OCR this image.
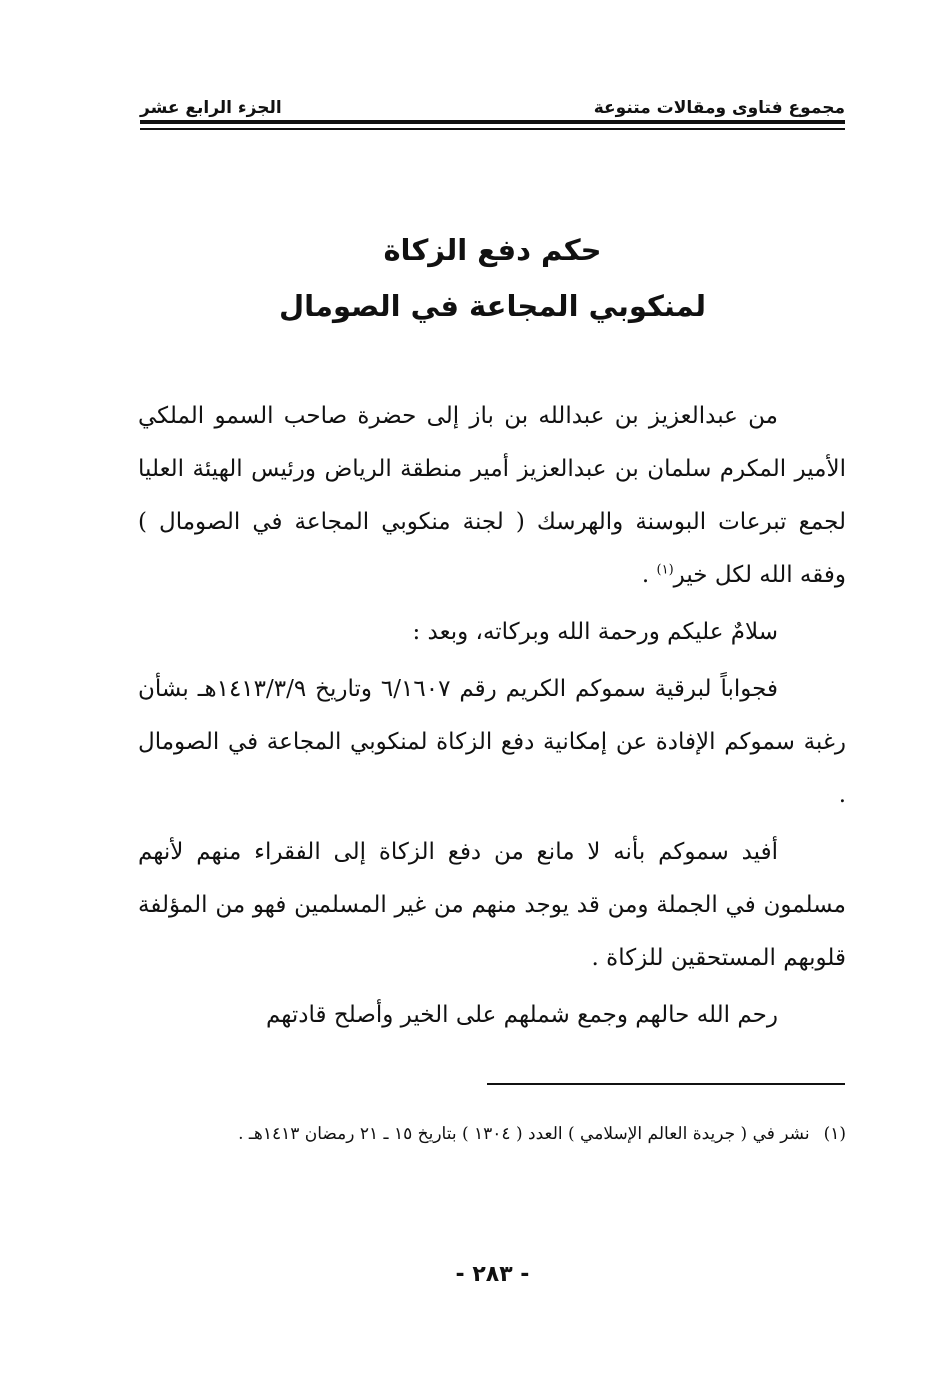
مجموع فتاوى ومقالات متنوعة
الجزء الرابع عشر
حكم دفع الزكاة
لمنكوبي المجاعة في الصومال

من عبدالعزيز بن عبدالله بن باز إلى حضرة صاحب السمو الملكي الأمير المكرم سلمان بن عبدالعزيز أمير منطقة الرياض ورئيس الهيئة العليا لجمع تبرعات البوسنة والهرسك ( لجنة منكوبي المجاعة في الصومال ) وفقه الله لكل خير$^{(١)}$ .

سلامٌ عليكم ورحمة الله وبركاته، وبعد :

فجواباً لبرقية سموكم الكريم رقم ٦/١٦٠٧ وتاريخ ١٤١٣/٣/٩هـ بشأن رغبة سموكم الإفادة عن إمكانية دفع الزكاة لمنكوبي المجاعة في الصومال .

أفيد سموكم بأنه لا مانع من دفع الزكاة إلى الفقراء منهم لأنهم مسلمون في الجملة ومن قد يوجد منهم من غير المسلمين فهو من المؤلفة قلوبهم المستحقين للزكاة .

رحم الله حالهم وجمع شملهم على الخير وأصلح قادتهم

(١)نشر في ( جريدة العالم الإسلامي ) العدد ( ١٣٠٤ ) بتاريخ ١٥ ـ ٢١ رمضان ١٤١٣هـ .
- ٢٨٣ -
